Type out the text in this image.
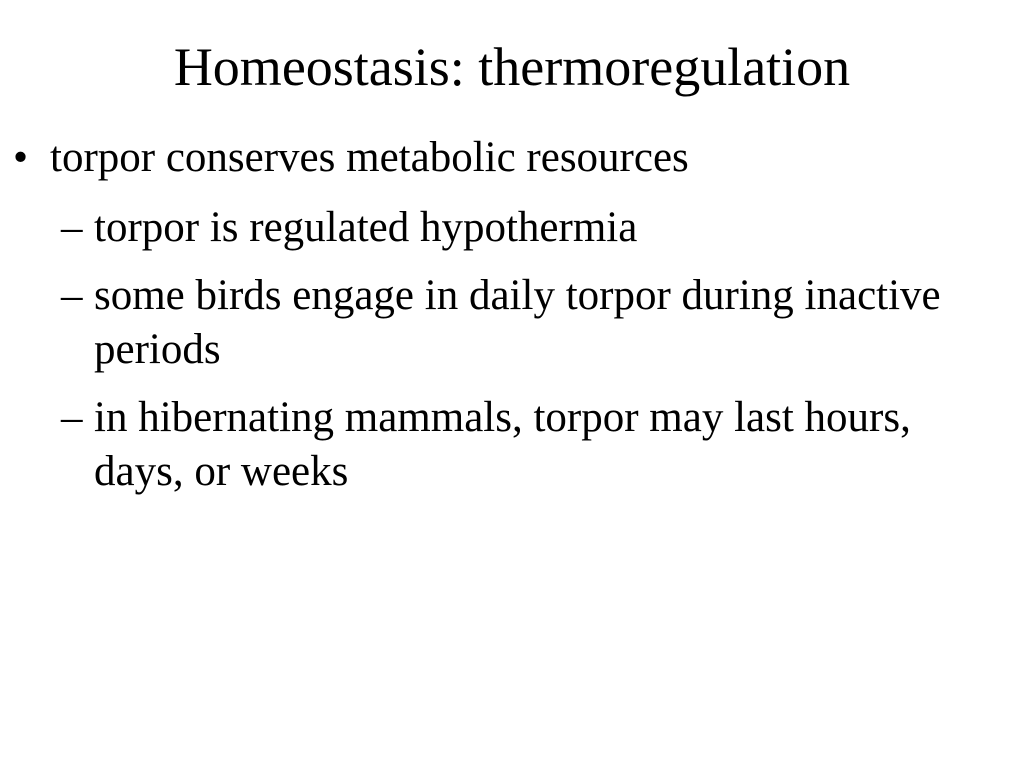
Homeostasis: thermoregulation
• torpor conserves metabolic resources
– torpor is regulated hypothermia
– some birds engage in daily torpor during inactive periods
– in hibernating mammals, torpor may last hours, days, or weeks
